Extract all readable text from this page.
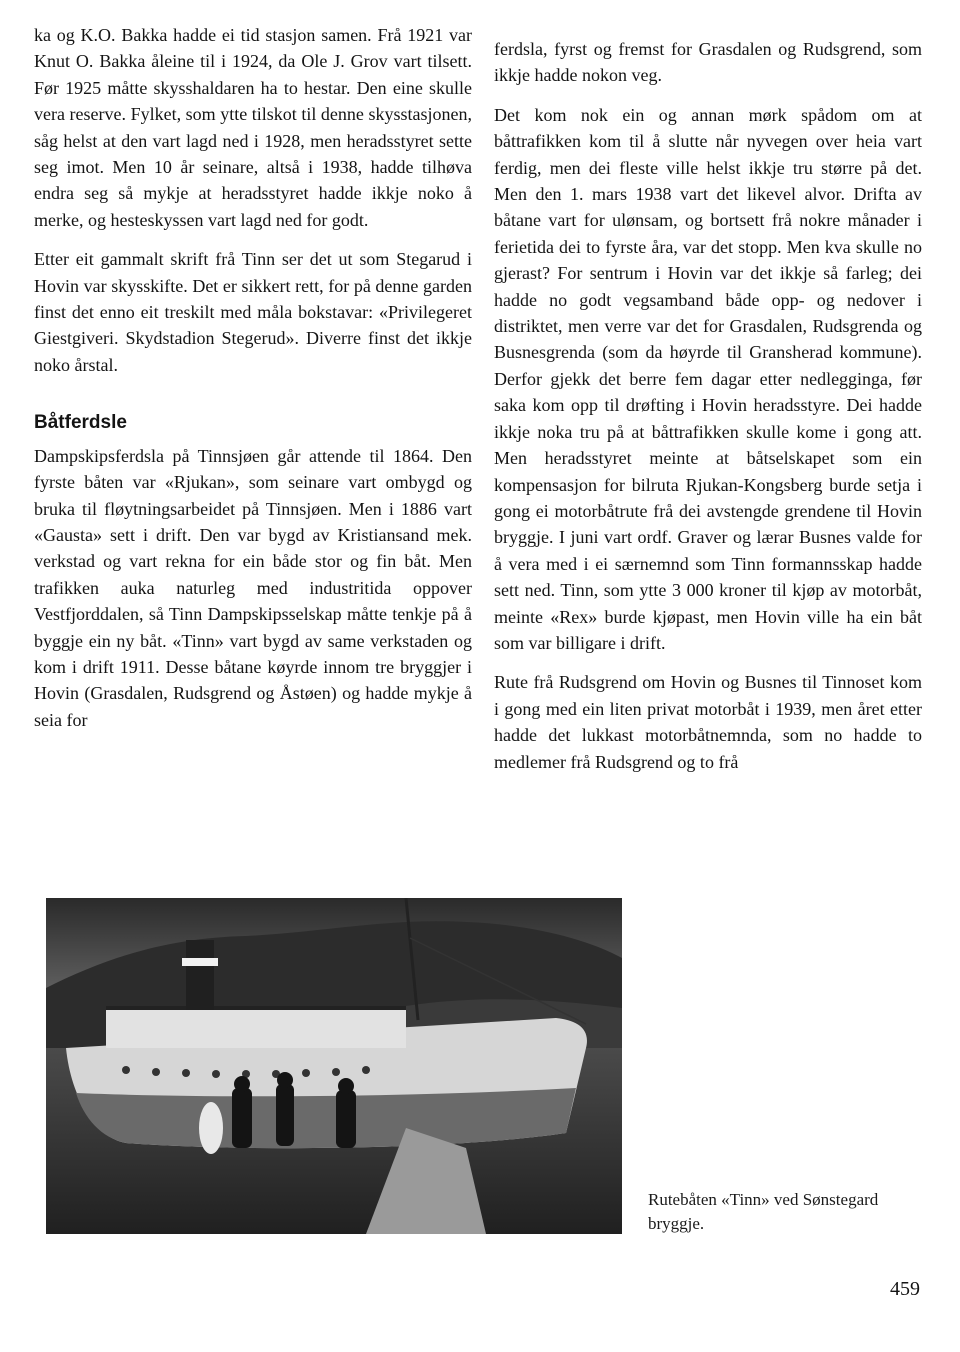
ka og K.O. Bakka hadde ei tid stasjon samen. Frå 1921 var Knut O. Bakka åleine til i 1924, da Ole J. Grov vart tilsett. Før 1925 måtte skysshaldaren ha to hestar. Den eine skulle vera reserve. Fylket, som ytte tilskot til denne skysstasjonen, såg helst at den vart lagd ned i 1928, men heradsstyret sette seg imot. Men 10 år seinare, altså i 1938, hadde tilhøva endra seg så mykje at heradsstyret hadde ikkje noko å merke, og hesteskyssen vart lagd ned for godt.

Etter eit gammalt skrift frå Tinn ser det ut som Stegarud i Hovin var skysskifte. Det er sikkert rett, for på denne garden finst det enno eit treskilt med måla bokstavar: «Privilegeret Giestgiveri. Skydstadion Stegerud». Diverre finst det ikkje noko årstal.

Båtferdsle

Dampskipsferdsla på Tinnsjøen går attende til 1864. Den fyrste båten var «Rjukan», som seinare vart ombygd og bruka til fløytningsarbeidet på Tinnsjøen. Men i 1886 vart «Gausta» sett i drift. Den var bygd av Kristiansand mek. verkstad og vart rekna for ein både stor og fin båt. Men trafikken auka naturleg med industritida oppover Vestfjorddalen, så Tinn Dampskipsselskap måtte tenkje på å byggje ein ny båt. «Tinn» vart bygd av same verkstaden og kom i drift 1911. Desse båtane køyrde innom tre bryggjer i Hovin (Grasdalen, Rudsgrend og Åstøen) og hadde mykje å seia for

ferdsla, fyrst og fremst for Grasdalen og Rudsgrend, som ikkje hadde nokon veg.

Det kom nok ein og annan mørk spådom om at båttrafikken kom til å slutte når nyvegen over heia vart ferdig, men dei fleste ville helst ikkje tru større på det. Men den 1. mars 1938 vart det likevel alvor. Drifta av båtane vart for ulønsam, og bortsett frå nokre månader i ferietida dei to fyrste åra, var det stopp. Men kva skulle no gjerast? For sentrum i Hovin var det ikkje så farleg; dei hadde no godt vegsamband både opp- og nedover i distriktet, men verre var det for Grasdalen, Rudsgrenda og Busnesgrenda (som da høyrde til Gransherad kommune). Derfor gjekk det berre fem dagar etter nedlegginga, før saka kom opp til drøfting i Hovin heradsstyre. Dei hadde ikkje noka tru på at båttrafikken skulle kome i gong att. Men heradsstyret meinte at båtselskapet som ein kompensasjon for bilruta Rjukan-Kongsberg burde setja i gong ei motorbåtrute frå dei avstengde grendene til Hovin bryggje. I juni vart ordf. Graver og lærar Busnes valde for å vera med i ei særnemnd som Tinn formannsskap hadde sett ned. Tinn, som ytte 3 000 kroner til kjøp av motorbåt, meinte «Rex» burde kjøpast, men Hovin ville ha ein båt som var billigare i drift.

Rute frå Rudsgrend om Hovin og Busnes til Tinnoset kom i gong med ein liten privat motorbåt i 1939, men året etter hadde det lukkast motorbåtnemnda, som no hadde to medlemer frå Rudsgrend og to frå

Rutebåten «Tinn» ved Sønstegard bryggje.
459
